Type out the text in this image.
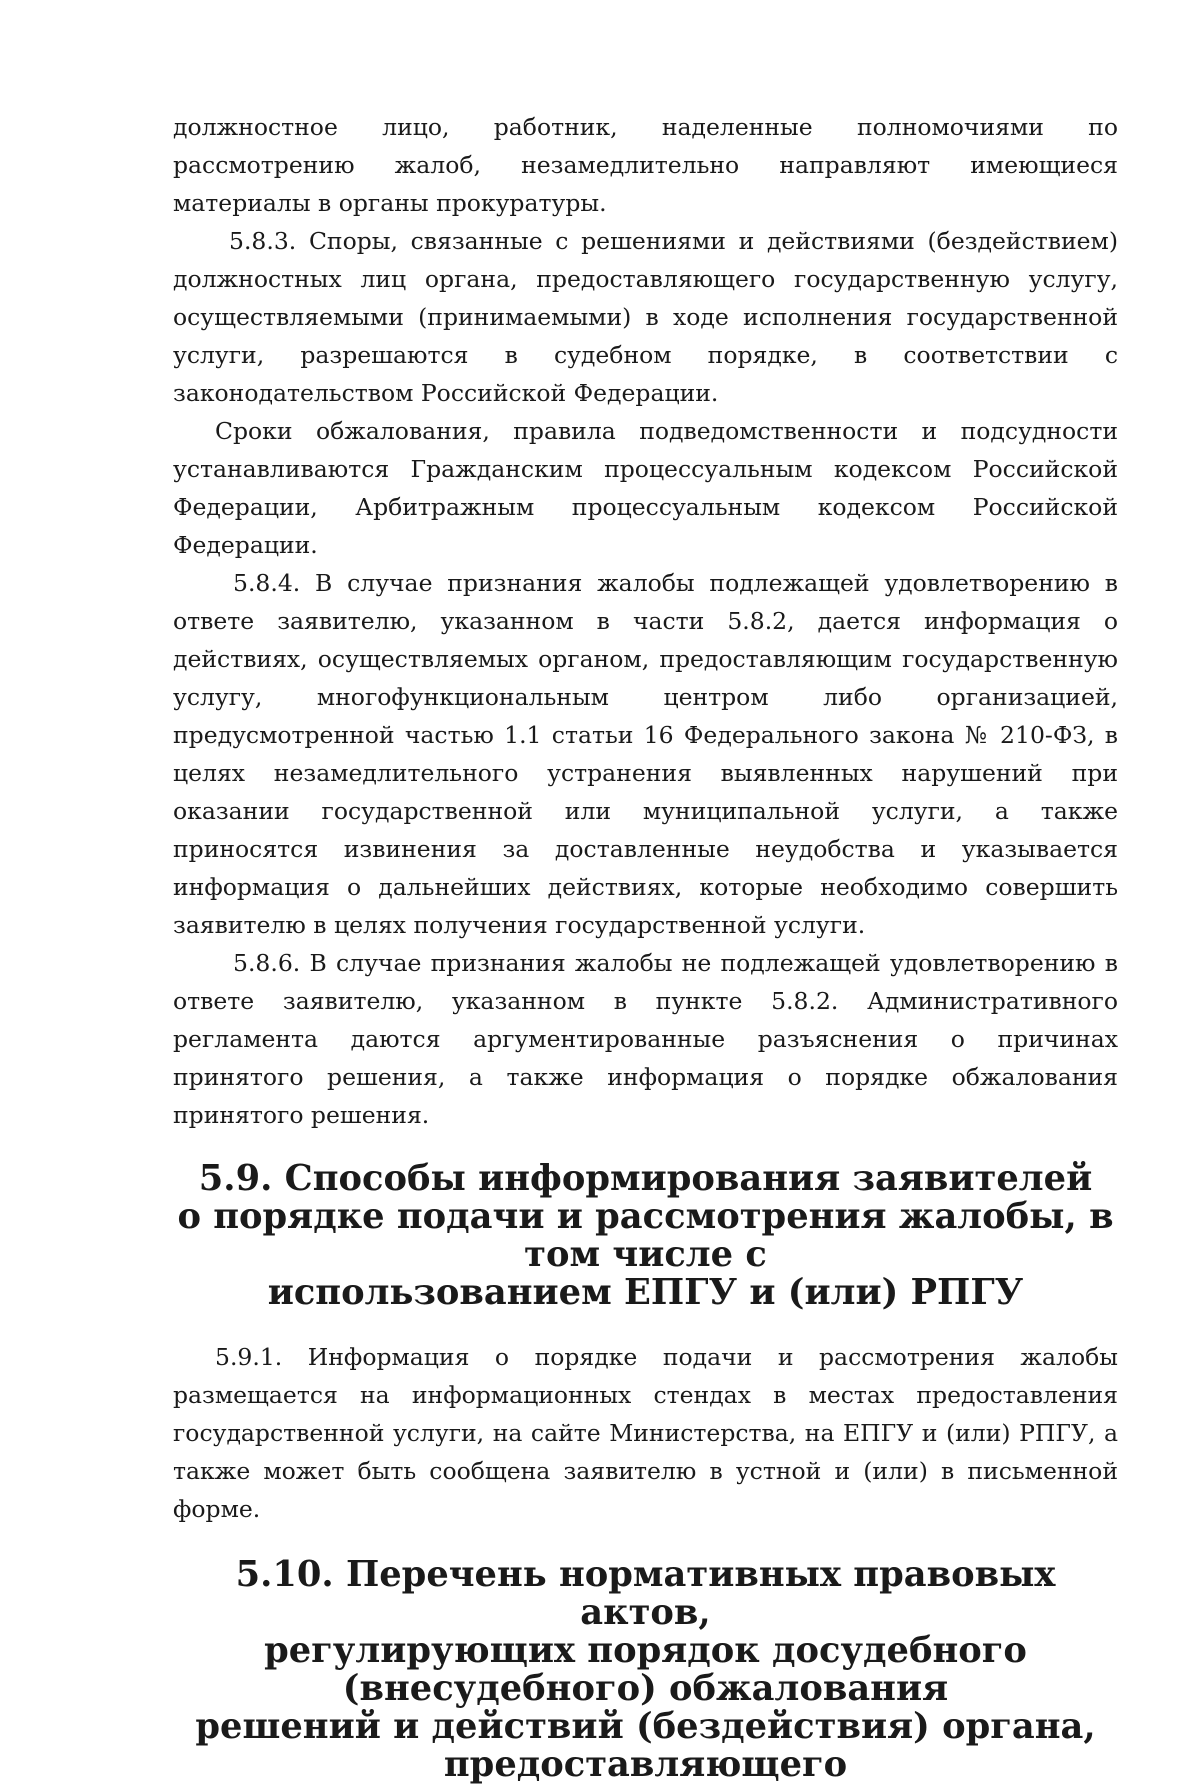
должностное лицо, работник, наделенные полномочиями по рассмотрению жалоб, незамедлительно направляют имеющиеся материалы в органы прокуратуры.

5.8.3. Споры, связанные с решениями и действиями (бездействием) должностных лиц органа, предоставляющего государственную услугу, осуществляемыми (принимаемыми) в ходе исполнения государственной услуги, разрешаются в судебном порядке, в соответствии с законодательством Российской Федерации.

Сроки обжалования, правила подведомственности и подсудности устанавливаются Гражданским процессуальным кодексом Российской Федерации, Арбитражным процессуальным кодексом Российской Федерации.

5.8.4. В случае признания жалобы подлежащей удовлетворению в ответе заявителю, указанном в части 5.8.2, дается информация о действиях, осуществляемых органом, предоставляющим государственную услугу, многофункциональным центром либо организацией, предусмотренной частью 1.1 статьи 16 Федерального закона № 210-ФЗ, в целях незамедлительного устранения выявленных нарушений при оказании государственной или муниципальной услуги, а также приносятся извинения за доставленные неудобства и указывается информация о дальнейших действиях, которые необходимо совершить заявителю в целях получения государственной услуги.

5.8.6. В случае признания жалобы не подлежащей удовлетворению в ответе заявителю, указанном в пункте 5.8.2. Административного регламента даются аргументированные разъяснения о причинах принятого решения, а также информация о порядке обжалования принятого решения.

5.9. Способы информирования заявителей
о порядке подачи и рассмотрения жалобы, в том числе с
использованием ЕПГУ и (или) РПГУ

5.9.1. Информация о порядке подачи и рассмотрения жалобы размещается на информационных стендах в местах предоставления государственной услуги, на сайте Министерства, на ЕПГУ и (или) РПГУ, а также может быть сообщена заявителю в устной и (или) в письменной форме.

5.10. Перечень нормативных правовых актов,
регулирующих порядок досудебного (внесудебного) обжалования
решений и действий (бездействия) органа, предоставляющего
